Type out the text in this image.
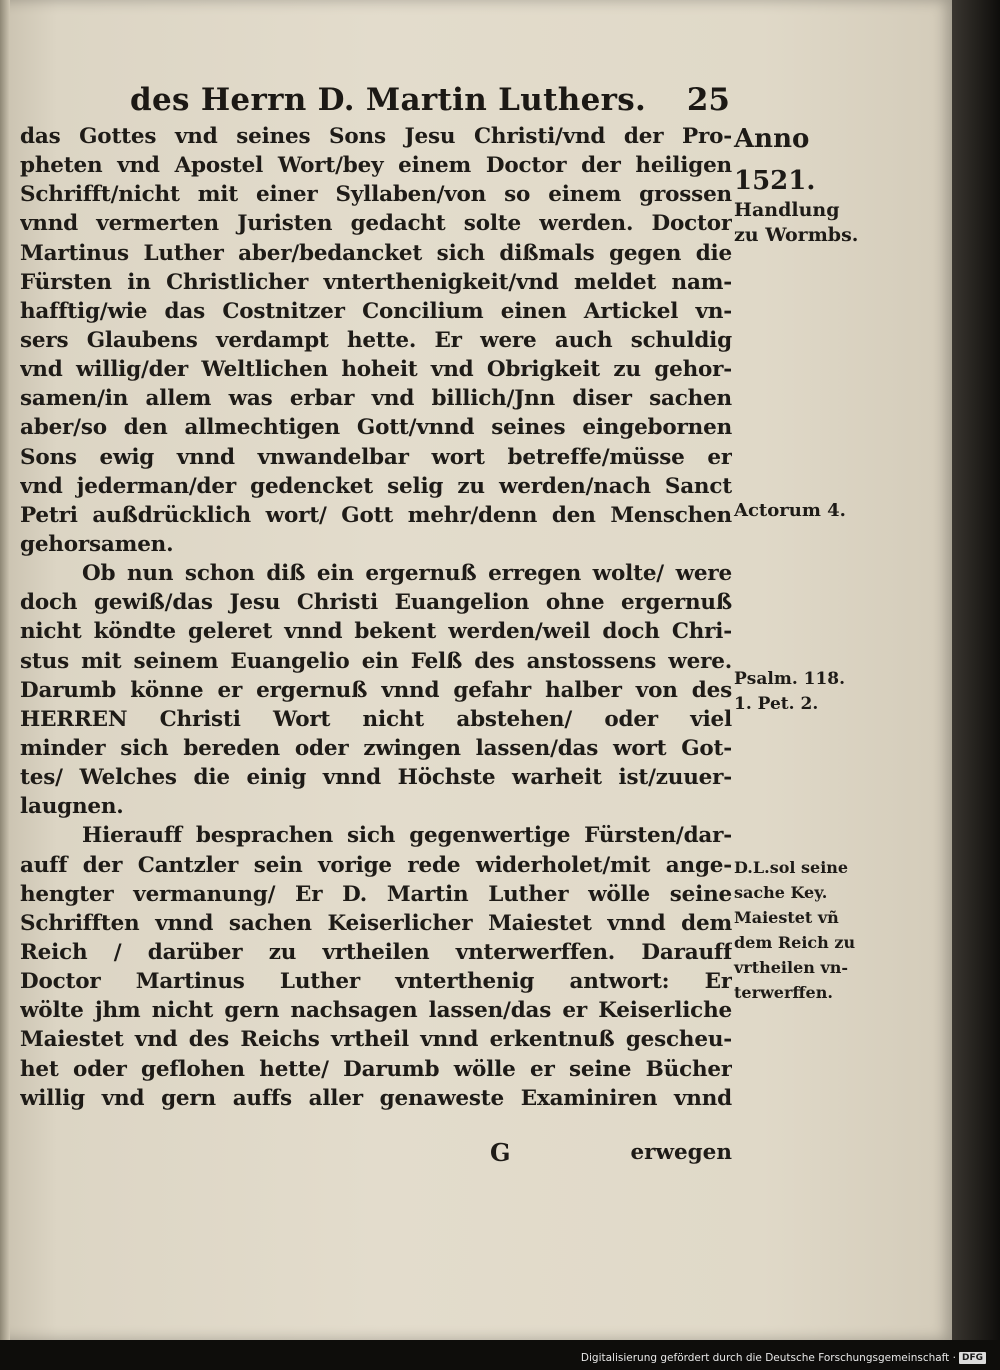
des Herrn D. Martin Luthers. 25
das Gottes vnd seines Sons Jesu Christi/vnd der Pro-
pheten vnd Apostel Wort/bey einem Doctor der heiligen
Schrifft/nicht mit einer Syllaben/von so einem grossen
vnnd vermerten Juristen gedacht solte werden. Doctor
Martinus Luther aber/bedancket sich dißmals gegen die
Fürsten in Christlicher vnterthenigkeit/vnd meldet nam-
hafftig/wie das Costnitzer Concilium einen Artickel vn-
sers Glaubens verdampt hette. Er were auch schuldig
vnd willig/der Weltlichen hoheit vnd Obrigkeit zu gehor-
samen/in allem was erbar vnd billich/Jnn diser sachen
aber/so den allmechtigen Gott/vnnd seines eingebornen
Sons ewig vnnd vnwandelbar wort betreffe/müsse er
vnd jederman/der gedencket selig zu werden/nach Sanct
Petri außdrücklich wort/ Gott mehr/denn den Menschen
gehorsamen.
Ob nun schon diß ein ergernuß erregen wolte/ were
doch gewiß/das Jesu Christi Euangelion ohne ergernuß
nicht köndte geleret vnnd bekent werden/weil doch Chri-
stus mit seinem Euangelio ein Felß des anstossens were.
Darumb könne er ergernuß vnnd gefahr halber von des
HERREN Christi Wort nicht abstehen/ oder viel
minder sich bereden oder zwingen lassen/das wort Got-
tes/ Welches die einig vnnd Höchste warheit ist/zuuer-
laugnen.
Hierauff besprachen sich gegenwertige Fürsten/dar-
auff der Cantzler sein vorige rede widerholet/mit ange-
hengter vermanung/ Er D. Martin Luther wölle seine
Schrifften vnnd sachen Keiserlicher Maiestet vnnd dem
Reich / darüber zu vrtheilen vnterwerffen. Darauff
Doctor Martinus Luther vnterthenig antwort: Er
wölte jhm nicht gern nachsagen lassen/das er Keiserliche
Maiestet vnd des Reichs vrtheil vnnd erkentnuß gescheu-
het oder geflohen hette/ Darumb wölle er seine Bücher
willig vnd gern auffs aller genaweste Examiniren vnnd
G	erwegen
Anno
1521.
Handlung
zu Wormbs.
Actorum 4.
Psalm. 118.
1. Pet. 2.
D.L.sol seine
sache Key.
Maiestet vñ
dem Reich zu
vrtheilen vn-
terwerffen.
Digitalisierung gefördert durch die Deutsche Forschungsgemeinschaft · DFG
